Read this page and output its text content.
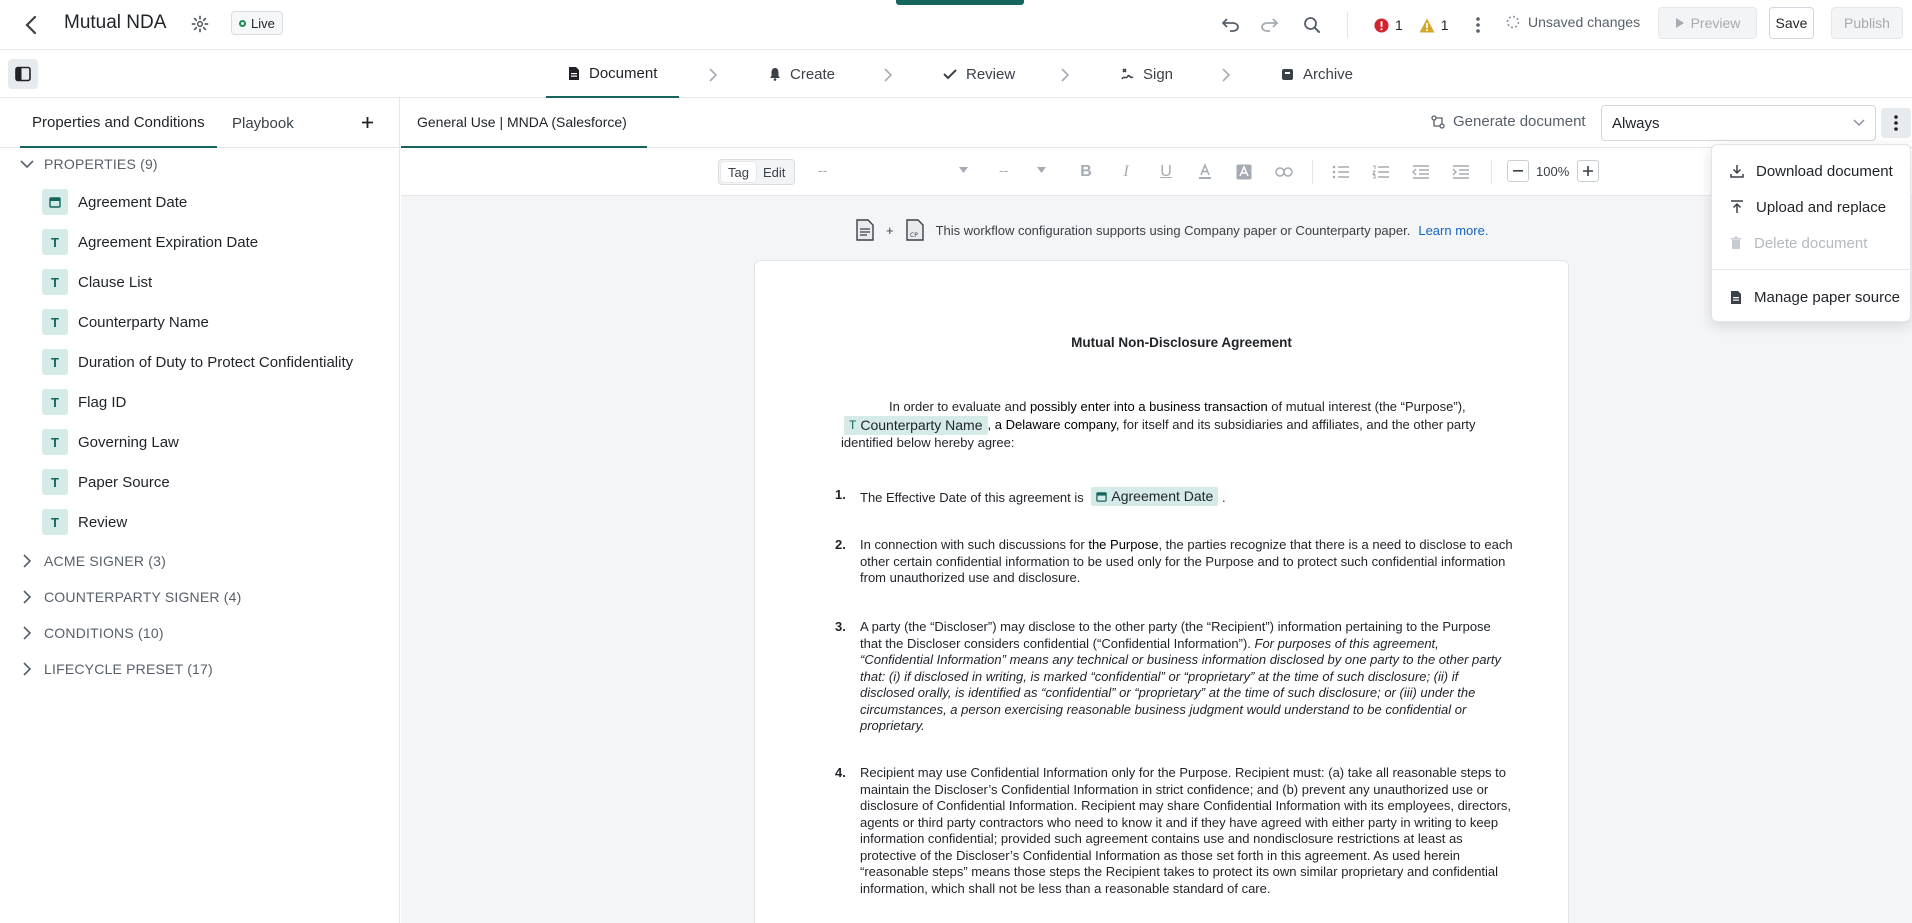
Mutual NDA	Live	1	1	Unsaved changes	Preview	Save	Publish
Document	Create	Review	Sign	Archive
Properties and Conditions Playbook
PROPERTIES (9)
Agreement Date
T	Agreement Expiration Date
T	Clause List
T	Counterparty Name
T	Duration of Duty to Protect Confidentiality
T	Flag ID
T	Governing Law
T	Paper Source
T	Review
ACME SIGNER (3)
COUNTERPARTY SIGNER (4)
CONDITIONS (10)
LIFECYCLE PRESET (17)
General Use | MNDA (Salesforce)	Generate document Always
Tag	Edit	--	--	B	I	U	100%
+	CP This workflow configuration supports using Company paper or Counterparty paper. Learn more.
Mutual Non-Disclosure Agreement
In order to evaluate and possibly enter into a business transaction of mutual interest (the “Purpose”),
T Counterparty Name , a Delaware company, for itself and its subsidiaries and affiliates, and the other party identified below hereby agree:
1.	The Effective Date of this agreement is Agreement Date .
2.	In connection with such discussions for the Purpose, the parties recognize that there is a need to disclose to each other certain confidential information to be used only for the Purpose and to protect such confidential information from unauthorized use and disclosure.
3.	A party (the “Discloser”) may disclose to the other party (the “Recipient”) information pertaining to the Purpose that the Discloser considers confidential (“Confidential Information”). For purposes of this agreement, “Confidential Information” means any technical or business information disclosed by one party to the other party that: (i) if disclosed in writing, is marked “confidential” or “proprietary” at the time of such disclosure; (ii) if disclosed orally, is identified as “confidential” or “proprietary” at the time of such disclosure; or (iii) under the circumstances, a person exercising reasonable business judgment would understand to be confidential or proprietary.
4.	Recipient may use Confidential Information only for the Purpose. Recipient must: (a) take all reasonable steps to maintain the Discloser’s Confidential Information in strict confidence; and (b) prevent any unauthorized use or disclosure of Confidential Information. Recipient may share Confidential Information with its employees, directors, agents or third party contractors who need to know it and if they have agreed with either party in writing to keep information confidential; provided such agreement contains use and nondisclosure restrictions at least as protective of the Discloser’s Confidential Information as those set forth in this agreement. As used herein “reasonable steps” means those steps the Recipient takes to protect its own similar proprietary and confidential information, which shall not be less than a reasonable standard of care.
Download document
Upload and replace
Delete document
Manage paper source
